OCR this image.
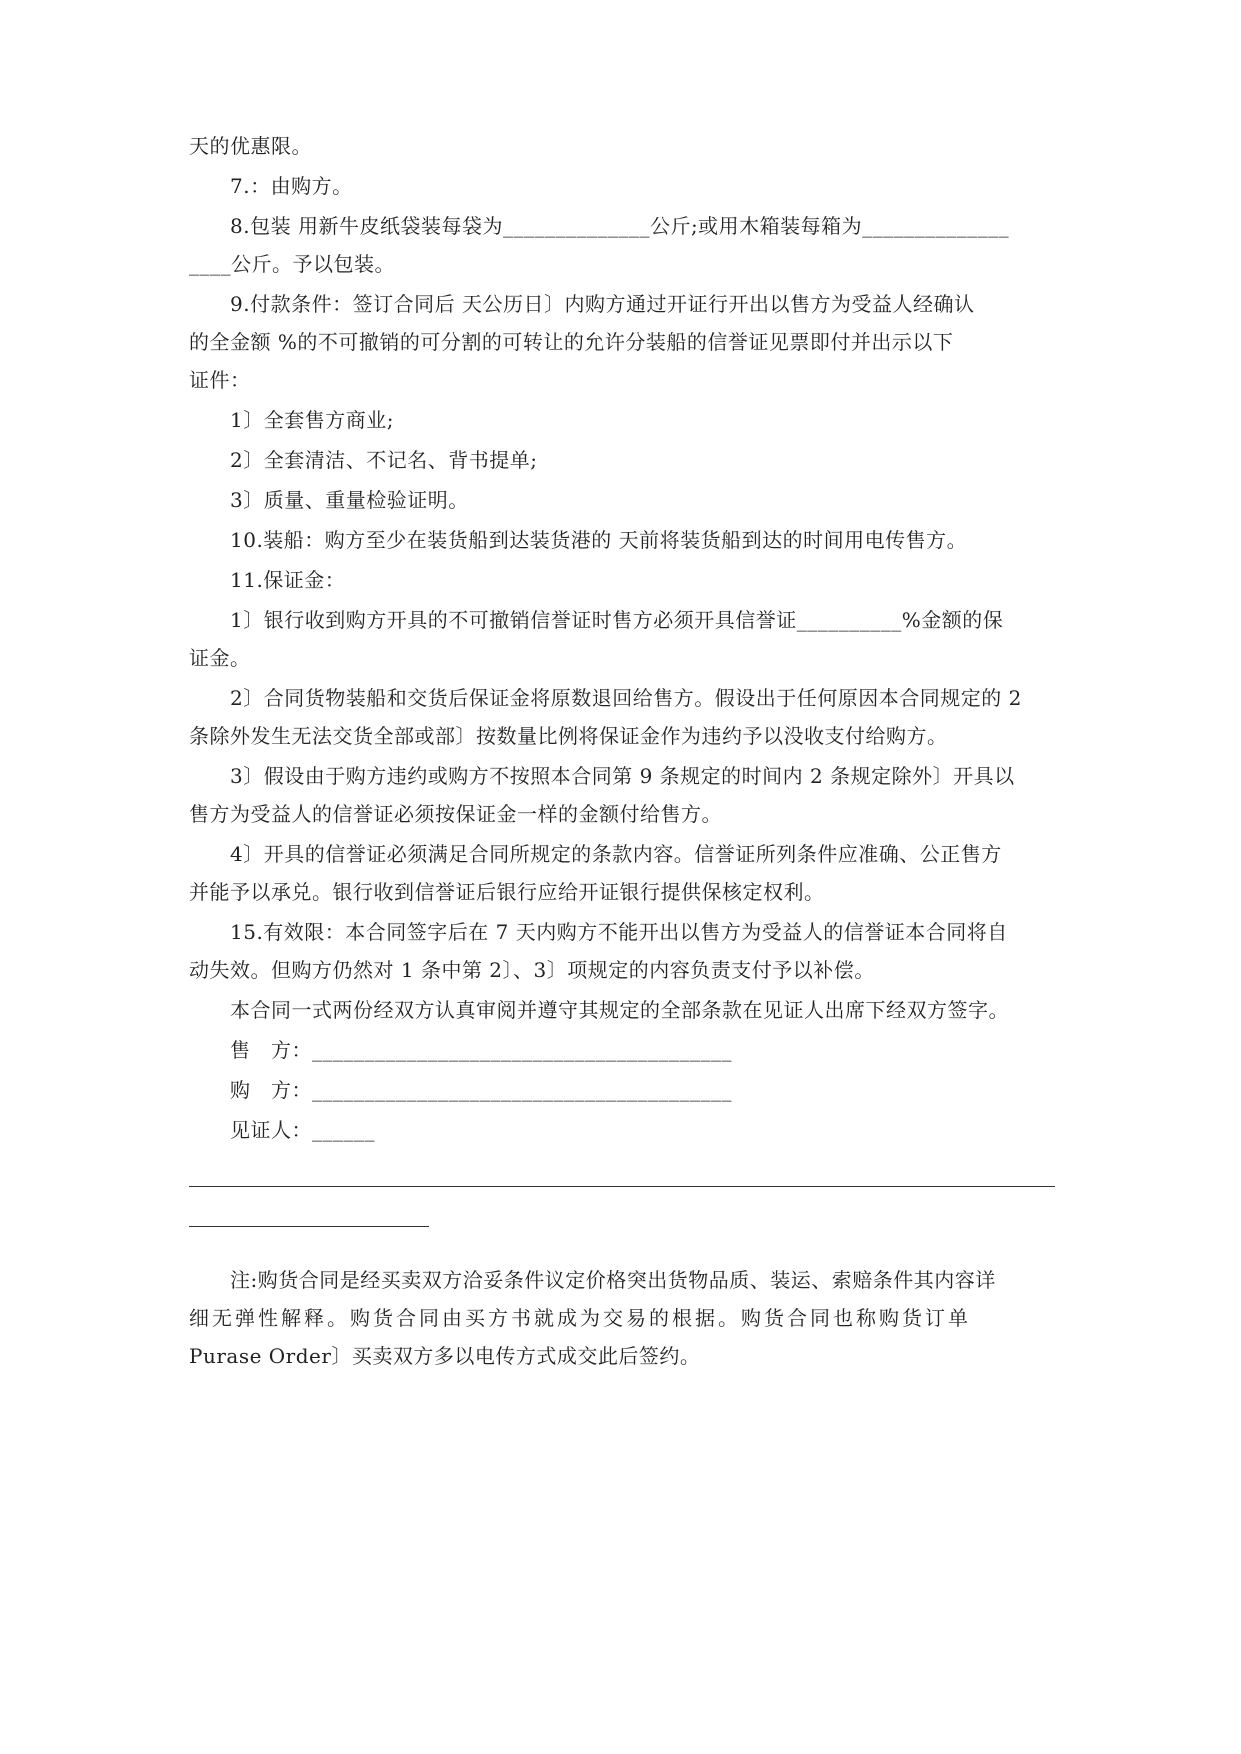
天的优惠限。
7.：由购方。
8.包装 用新牛皮纸袋装每袋为______________公斤;或用木箱装每箱为______________
____公斤。予以包装。
9.付款条件：签订合同后 天公历日〕内购方通过开证行开出以售方为受益人经确认
的全金额 %的不可撤销的可分割的可转让的允许分装船的信誉证见票即付并出示以下
证件：
1〕全套售方商业;
2〕全套清洁、不记名、背书提单;
3〕质量、重量检验证明。
10.装船：购方至少在装货船到达装货港的 天前将装货船到达的时间用电传售方。
11.保证金：
1〕银行收到购方开具的不可撤销信誉证时售方必须开具信誉证__________%金额的保
证金。
2〕合同货物装船和交货后保证金将原数退回给售方。假设出于任何原因本合同规定的 2
条除外发生无法交货全部或部〕按数量比例将保证金作为违约予以没收支付给购方。
3〕假设由于购方违约或购方不按照本合同第 9 条规定的时间内 2 条规定除外〕开具以
售方为受益人的信誉证必须按保证金一样的金额付给售方。
4〕开具的信誉证必须满足合同所规定的条款内容。信誉证所列条件应准确、公正售方
并能予以承兑。银行收到信誉证后银行应给开证银行提供保核定权利。
15.有效限：本合同签字后在 7 天内购方不能开出以售方为受益人的信誉证本合同将自
动失效。但购方仍然对 1 条中第 2〕、3〕项规定的内容负责支付予以补偿。
本合同一式两份经双方认真审阅并遵守其规定的全部条款在见证人出席下经双方签字。
售　方：________________________________________
购　方：________________________________________
见证人：______
注:购货合同是经买卖双方洽妥条件议定价格突出货物品质、装运、索赔条件其内容详
细无弹性解释。购货合同由买方书就成为交易的根据。购货合同也称购货订单
Purase Order〕买卖双方多以电传方式成交此后签约。
